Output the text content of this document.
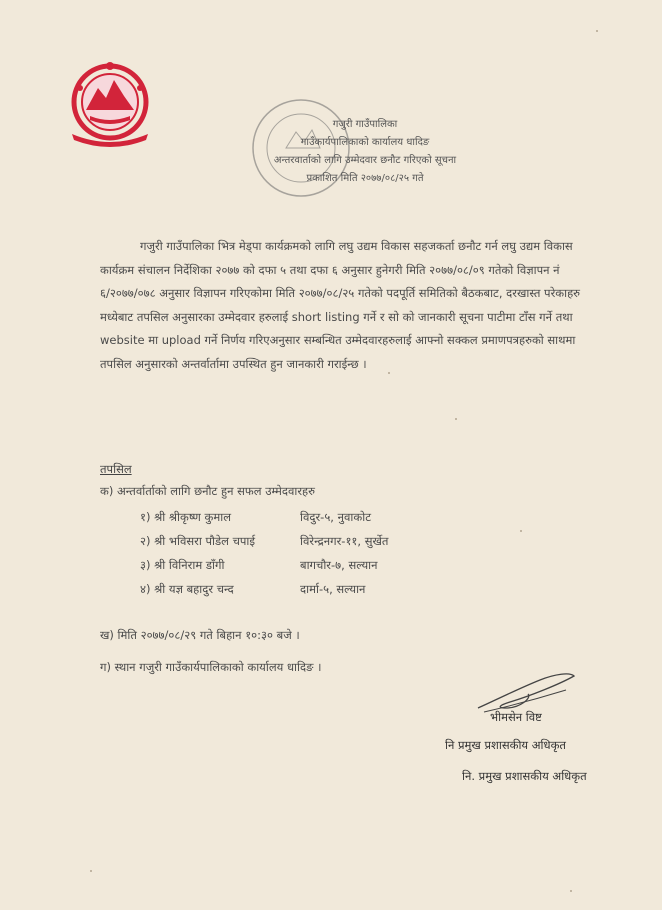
गजुरी गाउँपालिका
गाउँकार्यपालिकाको कार्यालय धादिङ
अन्तरवार्ताको लागि उम्मेदवार छनौट गरिएको सूचना
प्रकाशित मिति २०७७/०८/२५ गते

गजुरी गाउँपालिका भित्र मेड्पा कार्यक्रमको लागि लघु उद्यम विकास सहजकर्ता छनौट गर्न लघु उद्यम विकास कार्यक्रम संचालन निर्देशिका २०७७ को दफा ५ तथा दफा ६ अनुसार हुनेगरी मिति २०७७/०८/०९ गतेको विज्ञापन नं ६/२०७७/०७८ अनुसार विज्ञापन गरिएकोमा मिति २०७७/०८/२५ गतेको पदपूर्ति समितिको बैठकबाट, दरखास्त परेकाहरु मध्येबाट तपसिल अनुसारका उम्मेदवार हरुलाई short listing गर्ने र सो को जानकारी सूचना पाटीमा टाँस गर्ने तथा website मा upload गर्ने निर्णय गरिएअनुसार सम्बन्धित उम्मेदवारहरुलाई आफ्नो सक्कल प्रमाणपत्रहरुको साथमा तपसिल अनुसारको अन्तर्वार्तामा उपस्थित हुन जानकारी गराईन्छ ।

तपसिल
क) अन्तर्वार्ताको लागि छनौट हुन सफल उम्मेदवारहरु
१) श्री श्रीकृष्ण कुमाल	विदुर-५, नुवाकोट
२) श्री भविसरा पौडेल चपाई	विरेन्द्रनगर-११, सुर्खेत
३) श्री विनिराम डाँगी	बागचौर-७, सल्यान
४) श्री यज्ञ बहादुर चन्द	दार्मा-५, सल्यान
ख) मिति २०७७/०८/२९ गते बिहान १०:३० बजे ।
ग) स्थान गजुरी गाउँकार्यपालिकाको कार्यालय धादिङ ।
भीमसेन विष्ट
नि प्रमुख प्रशासकीय अधिकृत
नि. प्रमुख प्रशासकीय अधिकृत
